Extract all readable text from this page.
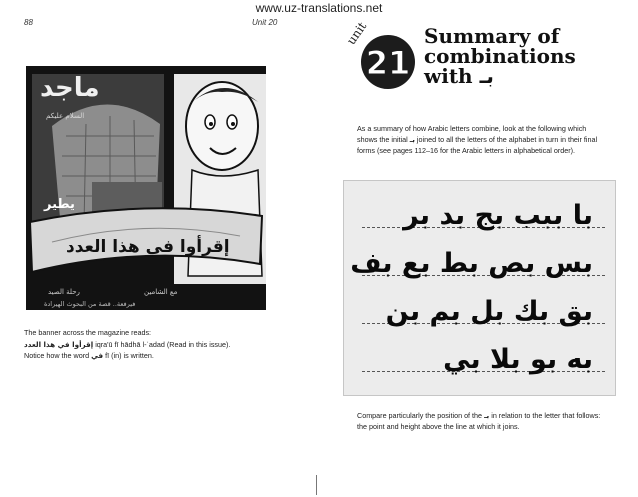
www.uz-translations.net
88	Unit 20
السلام عليكم
رحلة الصيد	مع الشامين
فيرفعة.. قصة من البحوث الهيرادة
ماجد
يطير
إقرأوا في هذا العدد

The banner across the magazine reads:

إقرأوا في هذا العدد iqra'ū fī hādhā l-ʿadad (Read in this issue).

Notice how the word في fī (in) is written.

unit
21
Summary of
combinations
with بـ

As a summary of how Arabic letters combine, look at the following which shows the initial بـ joined to all the letters of the alphabet in turn in their final forms (see pages 112–16 for the Arabic letters in alphabetical order).

با ببب بج بد بر
بس بص بط بع بف
بق بك بل بم بن
به بو بلا بي

Compare particularly the position of the بـ in relation to the letter that follows: the point and height above the line at which it joins.
